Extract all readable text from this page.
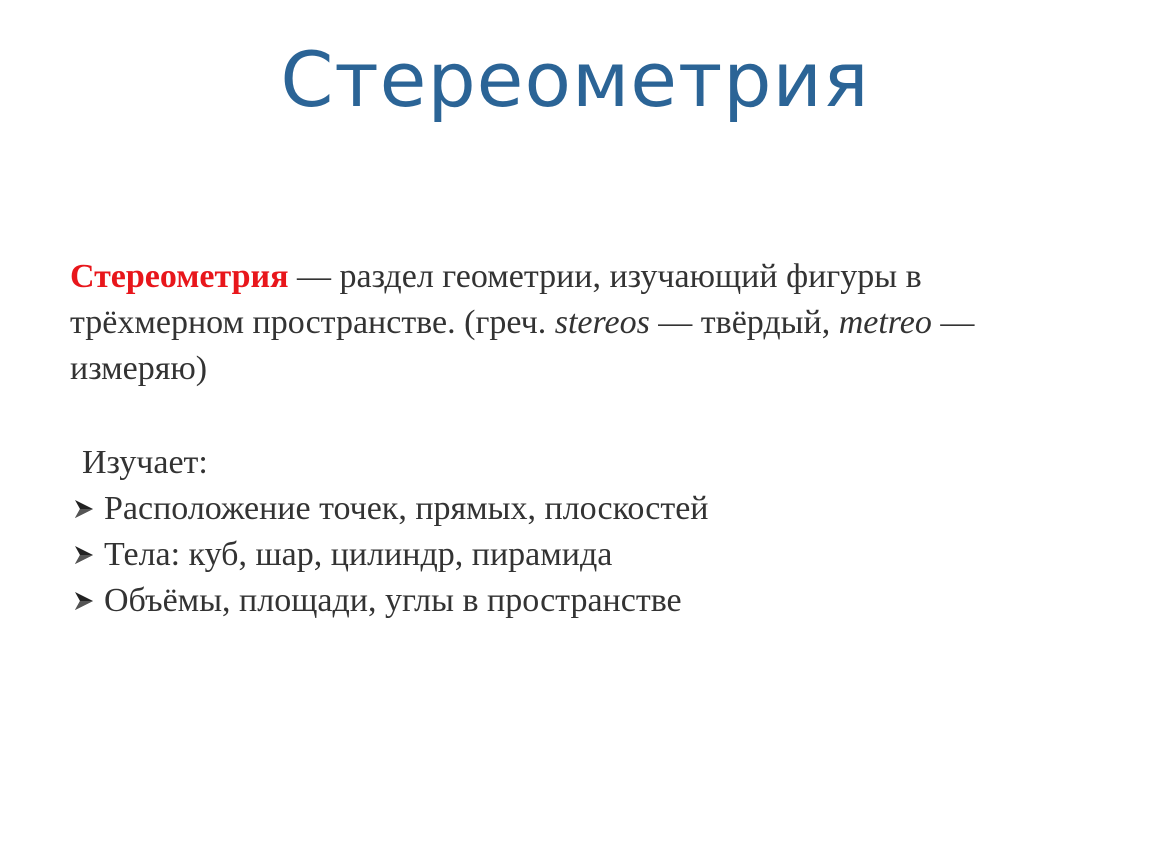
Стереометрия
Стереометрия — раздел геометрии, изучающий фигуры в трёхмерном пространстве. (греч. stereos — твёрдый, metreo — измеряю)
Изучает:
Расположение точек, прямых, плоскостей
Тела: куб, шар, цилиндр, пирамида
Объёмы, площади, углы в пространстве
